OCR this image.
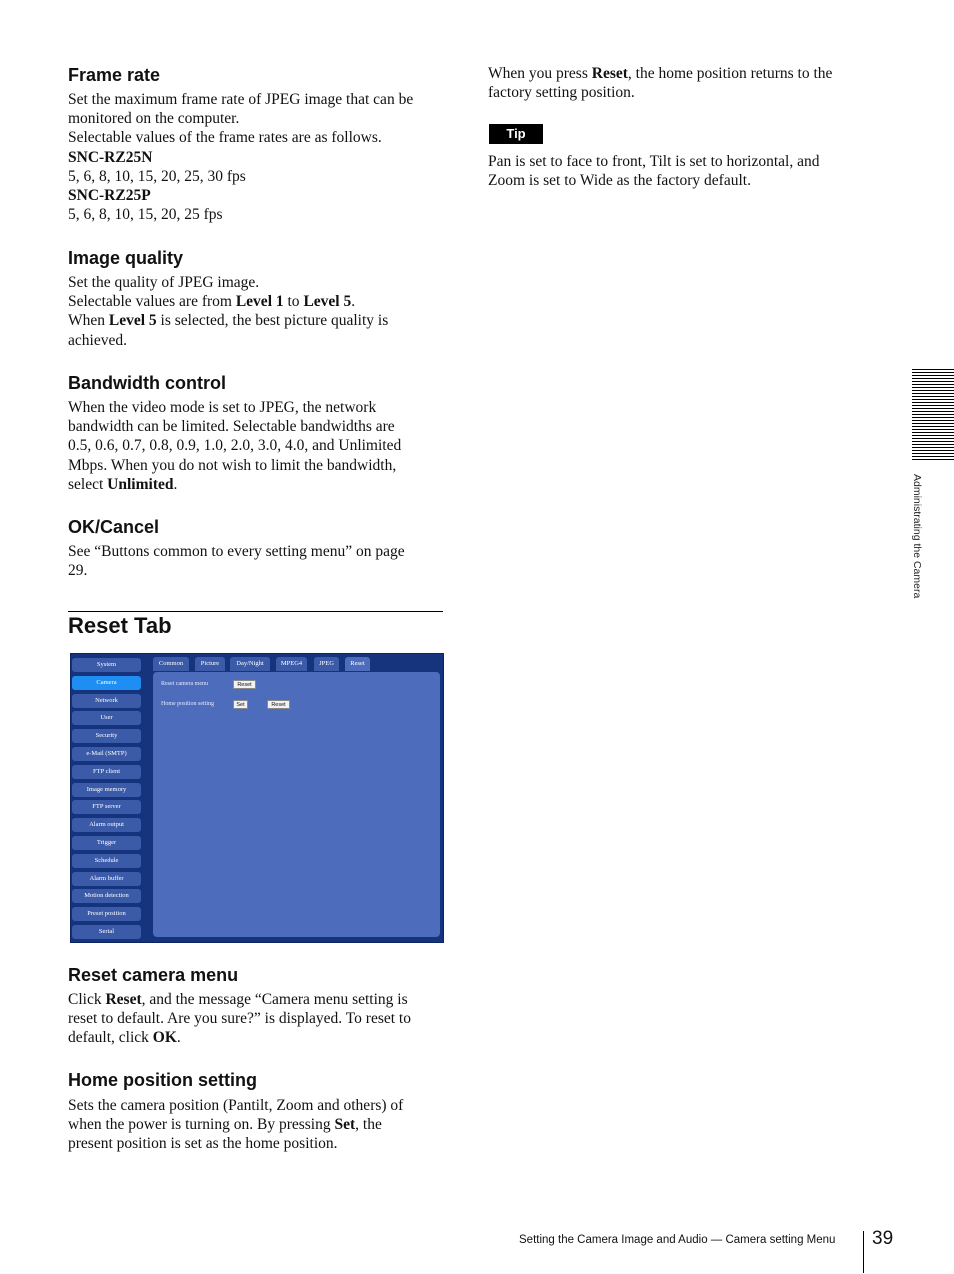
Frame rate

Set the maximum frame rate of JPEG image that can be

monitored on the computer.

Selectable values of the frame rates are as follows.

SNC-RZ25N

5, 6, 8, 10, 15, 20, 25, 30 fps

SNC-RZ25P

5, 6, 8, 10, 15, 20, 25 fps

Image quality

Set the quality of JPEG image.

Selectable values are from Level 1 to Level 5.

When Level 5 is selected, the best picture quality is

achieved.

Bandwidth control

When the video mode is set to JPEG, the network

bandwidth can be limited. Selectable bandwidths are

0.5, 0.6, 0.7, 0.8, 0.9, 1.0, 2.0, 3.0, 4.0, and Unlimited

Mbps. When you do not wish to limit the bandwidth,

select Unlimited.

OK/Cancel

See “Buttons common to every setting menu” on page

29.

Reset Tab
System
Camera
Network
User
Security
e-Mail (SMTP)
FTP client
Image memory
FTP server
Alarm output
Trigger
Schedule
Alarm buffer
Motion detection
Preset position
Serial
Common	Picture	Day/Night	MPEG4	JPEG	Reset
Reset camera menu	Reset
Home position setting	Set	Reset
Reset camera menu

Click Reset, and the message “Camera menu setting is

reset to default. Are you sure?” is displayed. To reset to

default, click OK.

Home position setting

Sets the camera position (Pantilt, Zoom and others) of

when the power is turning on. By pressing Set, the

present position is set as the home position.

When you press Reset, the home position returns to the

factory setting position.

Tip

Pan is set to face to front, Tilt is set to horizontal, and

Zoom is set to Wide as the factory default.

Administrating the Camera
Setting the Camera Image and Audio — Camera setting Menu 39
